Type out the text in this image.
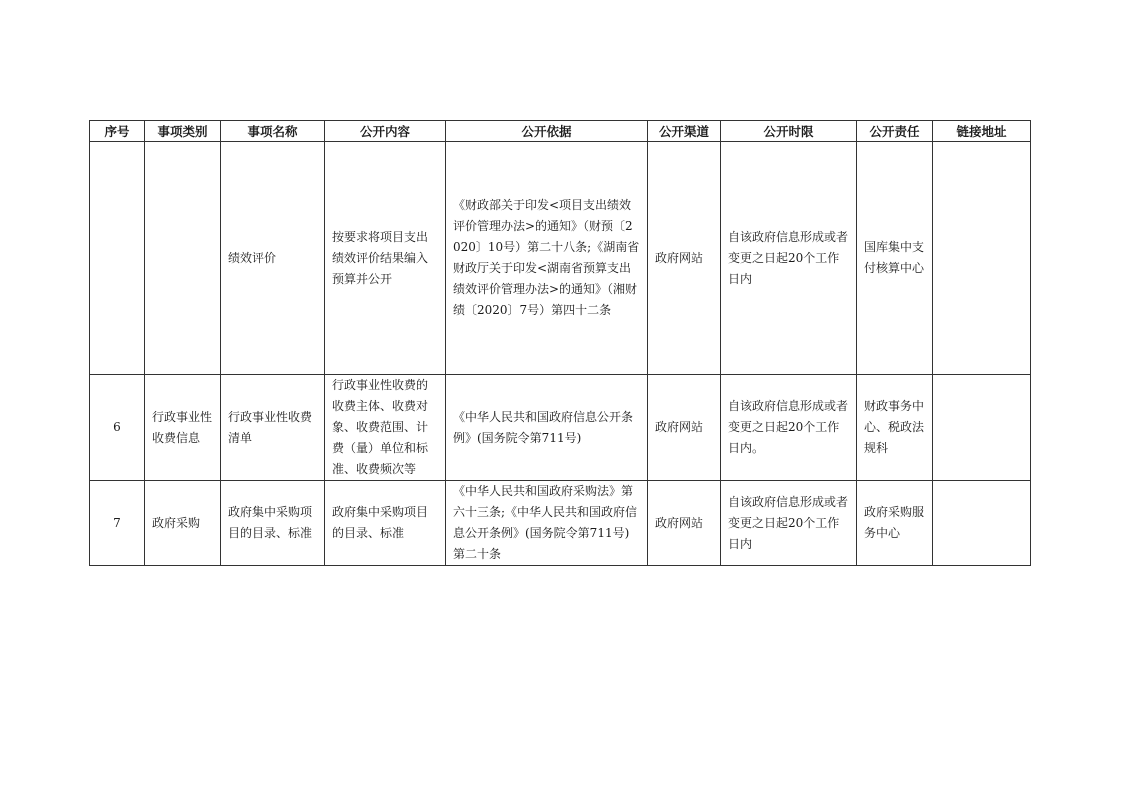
序号	事项类别	事项名称	公开内容	公开依据	公开渠道	公开时限	公开责任	链接地址
		绩效评价	按要求将项目支出绩效评价结果编入预算并公开	《财政部关于印发<项目支出绩效评价管理办法>的通知》（财预〔2020〕10号）第二十八条;《湖南省财政厅关于印发<湖南省预算支出绩效评价管理办法>的通知》（湘财绩〔2020〕7号）第四十二条	政府网站	自该政府信息形成或者变更之日起20个工作日内	国库集中支付核算中心	
6	行政事业性收费信息	行政事业性收费清单	行政事业性收费的收费主体、收费对象、收费范围、计费（量）单位和标准、收费频次等	《中华人民共和国政府信息公开条例》(国务院令第711号)	政府网站	自该政府信息形成或者变更之日起20个工作日内。	财政事务中心、税政法规科	
7	政府采购	政府集中采购项目的目录、标准	政府集中采购项目的目录、标准	《中华人民共和国政府采购法》第六十三条;《中华人民共和国政府信息公开条例》(国务院令第711号)第二十条	政府网站	自该政府信息形成或者变更之日起20个工作日内	政府采购服务中心	
